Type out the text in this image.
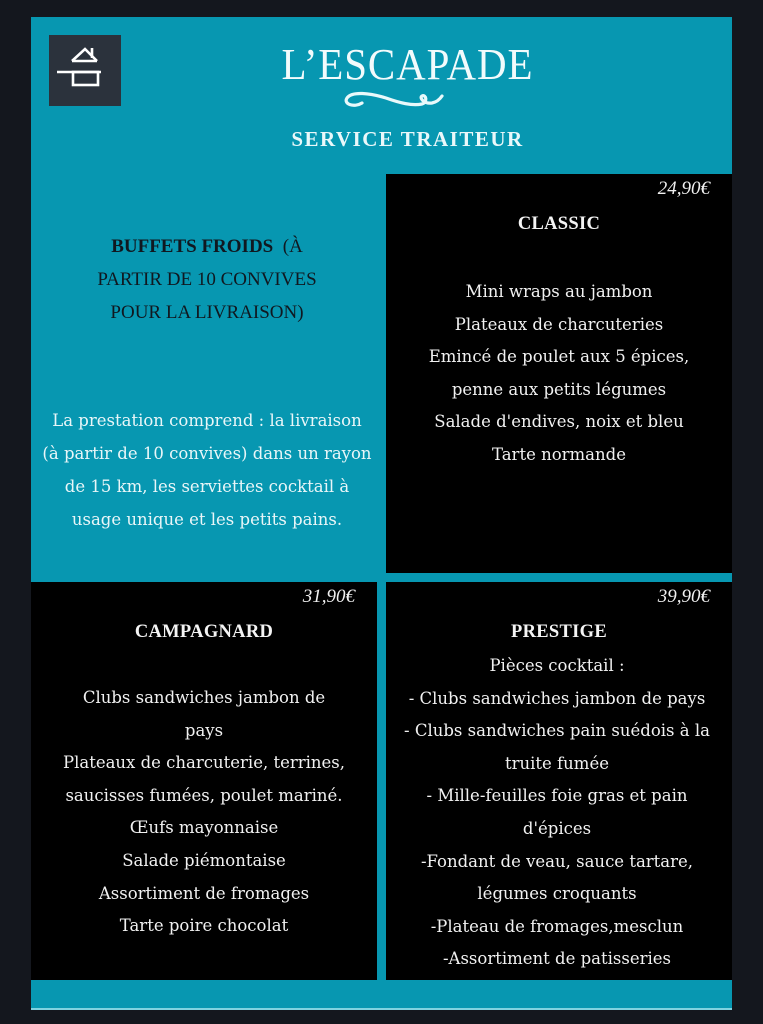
L’ESCAPADE
SERVICE TRAITEUR
BUFFETS FROIDS  (À
PARTIR DE 10 CONVIVES
POUR LA LIVRAISON)
La prestation comprend : la livraison
(à partir de 10 convives) dans un rayon
de 15 km, les serviettes cocktail à
usage unique et les petits pains.
24,90€
CLASSIC
Mini wraps au jambon
Plateaux de charcuteries
Emincé de poulet aux 5 épices,
penne aux petits légumes
Salade d'endives, noix et bleu
Tarte normande
31,90€
CAMPAGNARD
Clubs sandwiches jambon de
pays
Plateaux de charcuterie, terrines,
saucisses fumées, poulet mariné.
Œufs mayonnaise
Salade piémontaise
Assortiment de fromages
Tarte poire chocolat
39,90€
PRESTIGE
Pièces cocktail :
- Clubs sandwiches jambon de pays
- Clubs sandwiches pain suédois à la
truite fumée
- Mille-feuilles foie gras et pain
d'épices
-Fondant de veau, sauce tartare,
légumes croquants
-Plateau de fromages,mesclun
-Assortiment de patisseries
